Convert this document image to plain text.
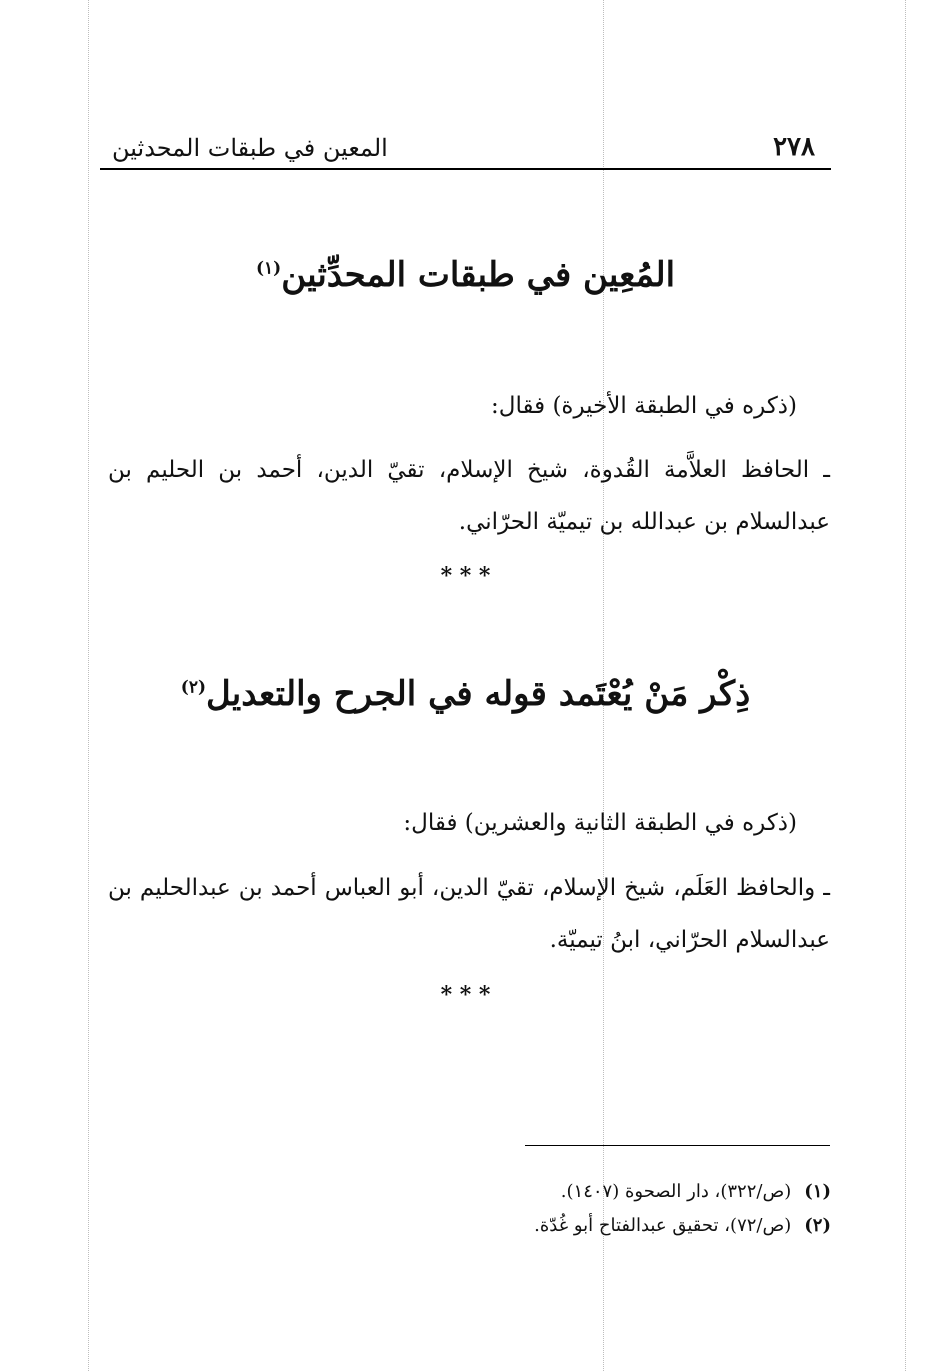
٢٧٨
المعين في طبقات المحدثين
المُعِين في طبقات المحدِّثين$^{(١)}$
(ذكره في الطبقة الأخيرة) فقال:
ـ الحافظ العلاَّمة القُدوة، شيخ الإسلام، تقيّ الدين، أحمد بن الحليم بن عبدالسلام بن عبدالله بن تيميّة الحرّاني.
* * *
ذِكْر مَنْ يُعْتَمد قوله في الجرح والتعديل$^{(٢)}$
(ذكره في الطبقة الثانية والعشرين) فقال:
ـ والحافظ العَلَم، شيخ الإسلام، تقيّ الدين، أبو العباس أحمد بن عبدالحليم بن عبدالسلام الحرّاني، ابنُ تيميّة.
* * *
(١) (ص/٣٢٢)، دار الصحوة (١٤٠٧).
(٢) (ص/٧٢)، تحقيق عبدالفتاح أبو غُدّة.
